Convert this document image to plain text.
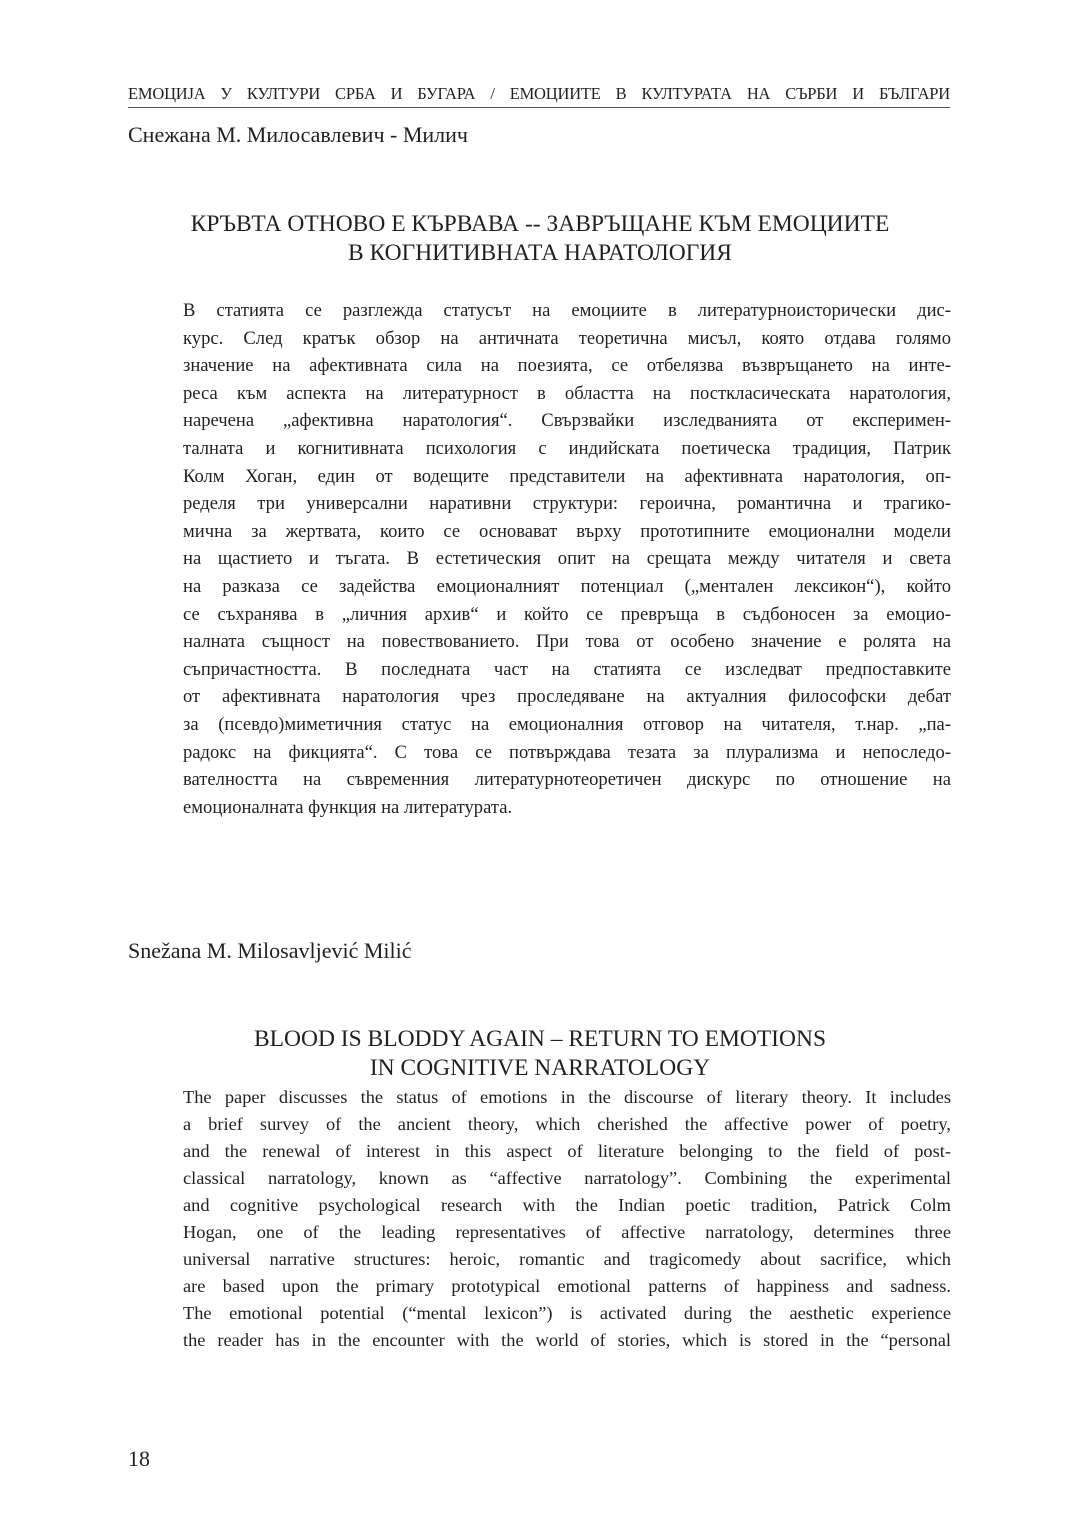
ЕМОЦИЈА У КУЛТУРИ СРБА И БУГАРА / ЕМОЦИИТЕ В КУЛТУРАТА НА СЪРБИ И БЪЛГАРИ
Снежана М. Милосавлевич - Милич
КРЪВТА ОТНОВО Е КЪРВАВА -- ЗАВРЪЩАНЕ КЪМ ЕМОЦИИТЕ
В КОГНИТИВНАТА НАРАТОЛОГИЯ
В статията се разглежда статусът на емоциите в литературноисторически дис-
курс. След кратък обзор на античната теоретична мисъл, която отдава голямо
значение на афективната сила на поезията, се отбелязва възвръщането на инте-
реса към аспекта на литературност в областта на посткласическата наратология,
наречена „афективна наратология“. Свързвайки изследванията от експеримен-
талната и когнитивната психология с индийската поетическа традиция, Патрик
Колм Хоган, един от водещите представители на афективната наратология, оп-
ределя три универсални наративни структури: героична, романтична и трагико-
мична за жертвата, които се основават върху прототипните емоционални модели
на щастието и тъгата. В естетическия опит на срещата между читателя и света
на разказа се задейства емоционалният потенциал („ментален лексикон“), който
се съхранява в „личния архив“ и който се превръща в съдбоносен за емоцио-
налната същност на повествованието. При това от особено значение е ролята на
съпричастността. В последната част на статията се изследват предпоставките
от афективната наратология чрез проследяване на актуалния философски дебат
за (псевдо)миметичния статус на емоционалния отговор на читателя, т.нар. „па-
радокс на фикцията“. С това се потвърждава тезата за плурализма и непоследо-
вателността на съвременния литературнотеоретичен дискурс по отношение на
емоционалната функция на литературата.
Snežana M. Milosavljević Milić
BLOOD IS BLODDY AGAIN – RETURN TO EMOTIONS
IN COGNITIVE NARRATOLOGY
The paper discusses the status of emotions in the discourse of literary theory. It includes
a brief survey of the ancient theory, which cherished the affective power of poetry,
and the renewal of interest in this aspect of literature belonging to the field of post-
classical narratology, known as “affective narratology”. Combining the experimental
and cognitive psychological research with the Indian poetic tradition, Patrick Colm
Hogan, one of the leading representatives of affective narratology, determines three
universal narrative structures: heroic, romantic and tragicomedy about sacrifice, which
are based upon the primary prototypical emotional patterns of happiness and sadness.
The emotional potential (“mental lexicon”) is activated during the aesthetic experience
the reader has in the encounter with the world of stories, which is stored in the “personal
18
